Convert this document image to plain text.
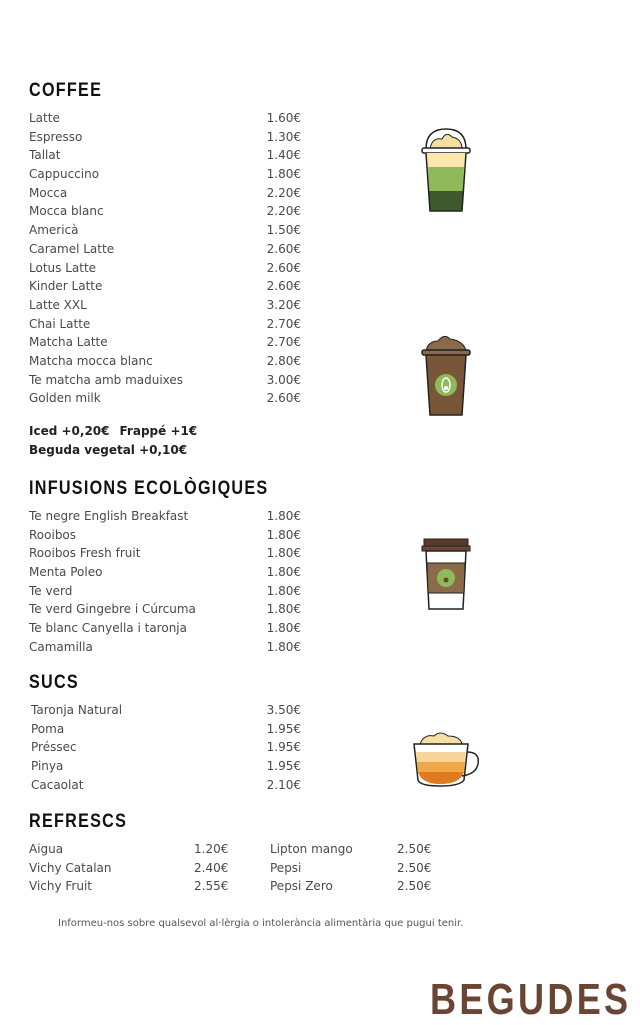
COFFEE
Latte	1.60€
Espresso	1.30€
Tallat	1.40€
Cappuccino	1.80€
Mocca	2.20€
Mocca blanc	2.20€
Americà	1.50€
Caramel Latte	2.60€
Lotus Latte	2.60€
Kinder Latte	2.60€
Latte XXL	3.20€
Chai Latte	2.70€
Matcha Latte	2.70€
Matcha mocca blanc	2.80€
Te matcha amb maduixes	3.00€
Golden milk	2.60€
Iced +0,20€ Frappé +1€
Beguda vegetal +0,10€
INFUSIONS ECOLÒGIQUES
Te negre English Breakfast	1.80€
Rooibos	1.80€
Rooibos Fresh fruit	1.80€
Menta Poleo	1.80€
Te verd	1.80€
Te verd Gingebre i Cúrcuma	1.80€
Te blanc Canyella i taronja	1.80€
Camamilla	1.80€
SUCS
Taronja Natural	3.50€
Poma	1.95€
Préssec	1.95€
Pinya	1.95€
Cacaolat	2.10€
REFRESCS
Aigua	1.20€	Lipton mango	2.50€
Vichy Catalan	2.40€	Pepsi	2.50€
Vichy Fruit	2.55€	Pepsi Zero	2.50€
Informeu-nos sobre qualsevol al·lèrgia o intolerància alimentària que pugui tenir.
BEGUDES
